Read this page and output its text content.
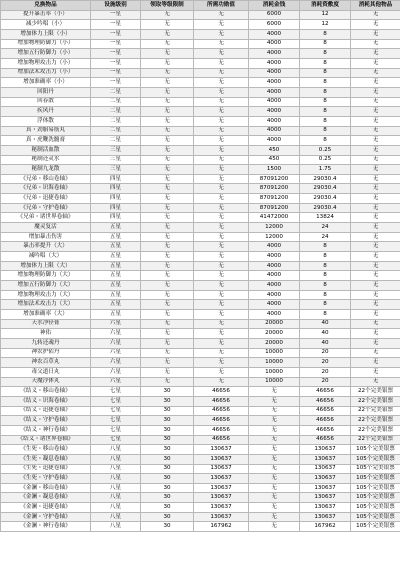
兑换物品	设施级别	领取等级限制	所需功勋值	消耗金钱	消耗资敷度	消耗其他物品
提升暴击率（小）	一星	无	无	6000	12	无
减少吟唱（小）	一星	无	无	6000	12	无
增加体力上限（小）	一星	无	无	4000	8	无
增加物理防御力（小）	一星	无	无	4000	8	无
增加五行防御力（小）	一星	无	无	4000	8	无
增加物理攻击力（小）	一星	无	无	4000	8	无
增加法术攻击力（小）	一星	无	无	4000	8	无
增加准确率（小）	一星	无	无	4000	8	无
回阳丹	二星	无	无	4000	8	无
回春散	二星	无	无	4000	8	无
疾风丹	二星	无	无	4000	8	无
浮体散	二星	无	无	4000	8	无
真・劲胎易筋丸	二星	无	无	4000	8	无
真・虎鞭洗髓膏	二星	无	无	4000	8	无
秘制活血散	三星	无	无	450	0.25	无
秘制还灵水	三星	无	无	450	0.25	无
秘制九龙散	三星	无	无	1500	1.75	无
《兄弟・移山卷轴》	四星	无	无	87091200	29030.4	无
《兄弟・识海卷轴》	四星	无	无	87091200	29030.4	无
《兄弟・迅捷卷轴》	四星	无	无	87091200	29030.4	无
《兄弟・守护卷轴》	四星	无	无	87091200	29030.4	无
《兄弟・诸世界卷轴》	四星	无	无	41472000	13824	无
魔灵复活	五星	无	无	12000	24	无
增加暴击伤害	五星	无	无	12000	24	无
暴击率提升（大）	五星	无	无	4000	8	无
减吟唱（大）	五星	无	无	4000	8	无
增加体力上限（大）	五星	无	无	4000	8	无
增加物理防御力（大）	五星	无	无	4000	8	无
增加五行防御力（大）	五星	无	无	4000	8	无
增加物理攻击力（大）	五星	无	无	4000	8	无
增加法术攻击力（大）	五星	无	无	4000	8	无
增加准确率（大）	五星	无	无	4000	8	无
天水净径膏	六星	无	无	20000	40	无
神佑	六星	无	无	20000	40	无
九转还魂丹	六星	无	无	20000	40	无
神农护佑丹	六星	无	无	10000	20	无
神农百草丸	六星	无	无	10000	20	无
毒父道日丸	六星	无	无	10000	20	无
天魔浮体丸	六星	无	无	10000	20	无
《结义・移山卷轴》	七星	30	46656	无	46656	22个完美银票
《结义・识海卷轴》	七星	30	46656	无	46656	22个完美银票
《结义・迅捷卷轴》	七星	30	46656	无	46656	22个完美银票
《结义・守护卷轴》	七星	30	46656	无	46656	22个完美银票
《结义・神行卷轴》	七星	30	46656	无	46656	22个完美银票
《结义・诸世界卷轴》	七星	30	46656	无	46656	22个完美银票
《生死・移山卷轴》	八星	30	130637	无	130637	105个完美银票
《生死・凝息卷轴》	八星	30	130637	无	130637	105个完美银票
《生死・迅捷卷轴》	八星	30	130637	无	130637	105个完美银票
《生死・守护卷轴》	八星	30	130637	无	130637	105个完美银票
《金澜・移山卷轴》	八星	30	130637	无	130637	105个完美银票
《金澜・凝息卷轴》	八星	30	130637	无	130637	105个完美银票
《金澜・迅捷卷轴》	八星	30	130637	无	130637	105个完美银票
《金澜・守护卷轴》	八星	30	130637	无	130637	105个完美银票
《金澜・神行卷轴》	八星	30	167962	无	167962	105个完美银票
